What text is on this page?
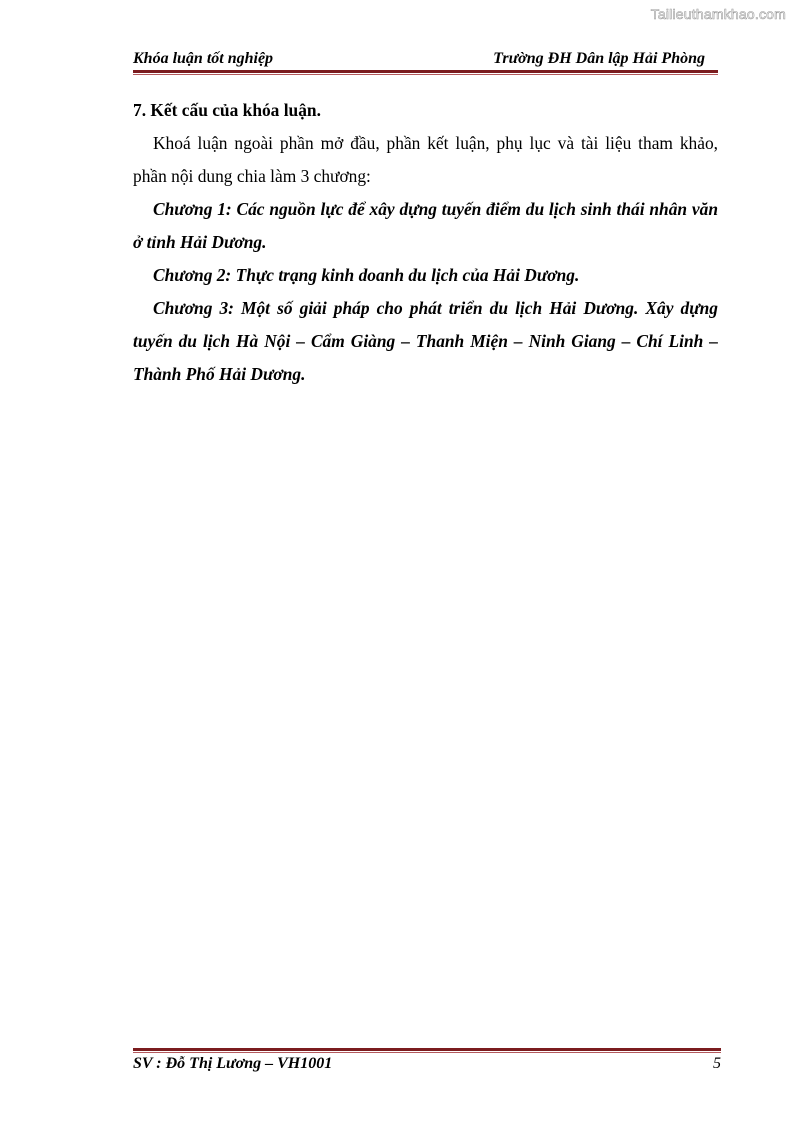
Tailieuthamkhao.com
Khóa luận tốt nghiệp	Trường ĐH Dân lập Hải Phòng

7. Kết cấu của khóa luận.

Khoá luận ngoài phần mở đầu, phần kết luận, phụ lục và tài liệu tham khảo, phần nội dung chia làm 3 chương:

Chương 1: Các nguồn lực để xây dựng tuyến điểm du lịch sinh thái nhân văn ở tỉnh Hải Dương.

Chương 2: Thực trạng kinh doanh du lịch của Hải Dương.

Chương 3: Một số giải pháp cho phát triển du lịch Hải Dương. Xây dựng tuyến du lịch Hà Nội – Cẩm Giàng – Thanh Miện – Ninh Giang – Chí Linh – Thành Phố Hải Dương.

SV : Đỗ Thị Lương – VH1001	5
